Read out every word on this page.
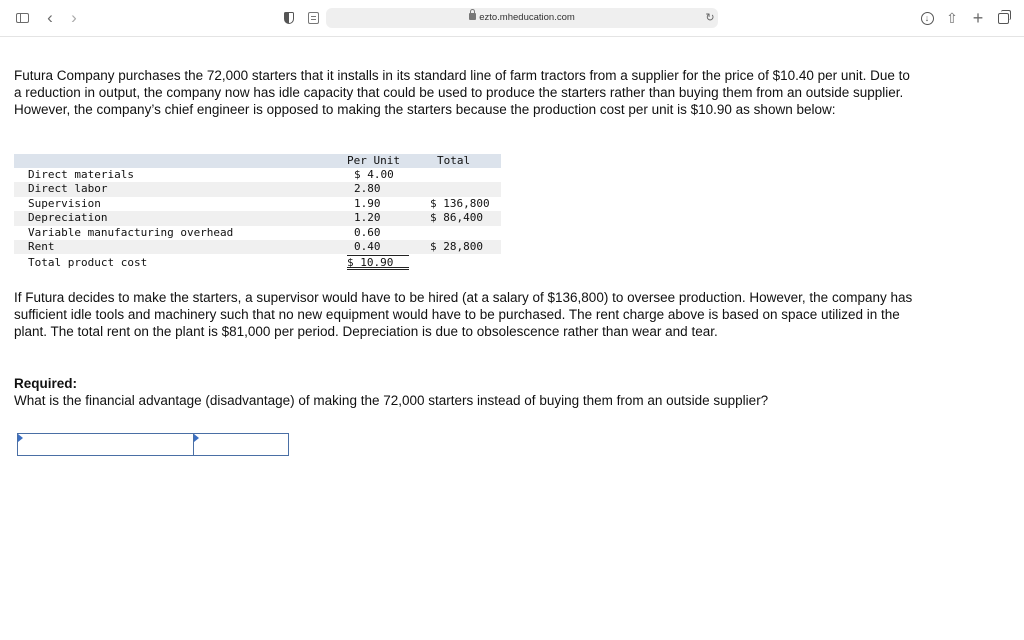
‹ ›	ezto.mheducation.com	↻	↓	⇧ +

Futura Company purchases the 72,000 starters that it installs in its standard line of farm tractors from a supplier for the price of $10.40 per unit. Due to a reduction in output, the company now has idle capacity that could be used to produce the starters rather than buying them from an outside supplier. However, the company’s chief engineer is opposed to making the starters because the production cost per unit is $10.90 as shown below:

Per Unit	Total
Direct materials	$ 4.00
Direct labor	2.80
Supervision	1.90	$ 136,800
Depreciation	1.20	$ 86,400
Variable manufacturing overhead	0.60
Rent	0.40	$ 28,800
Total product cost	$ 10.90

If Futura decides to make the starters, a supervisor would have to be hired (at a salary of $136,800) to oversee production. However, the company has sufficient idle tools and machinery such that no new equipment would have to be purchased. The rent charge above is based on space utilized in the plant. The total rent on the plant is $81,000 per period. Depreciation is due to obsolescence rather than wear and tear.

Required:
What is the financial advantage (disadvantage) of making the 72,000 starters instead of buying them from an outside supplier?
